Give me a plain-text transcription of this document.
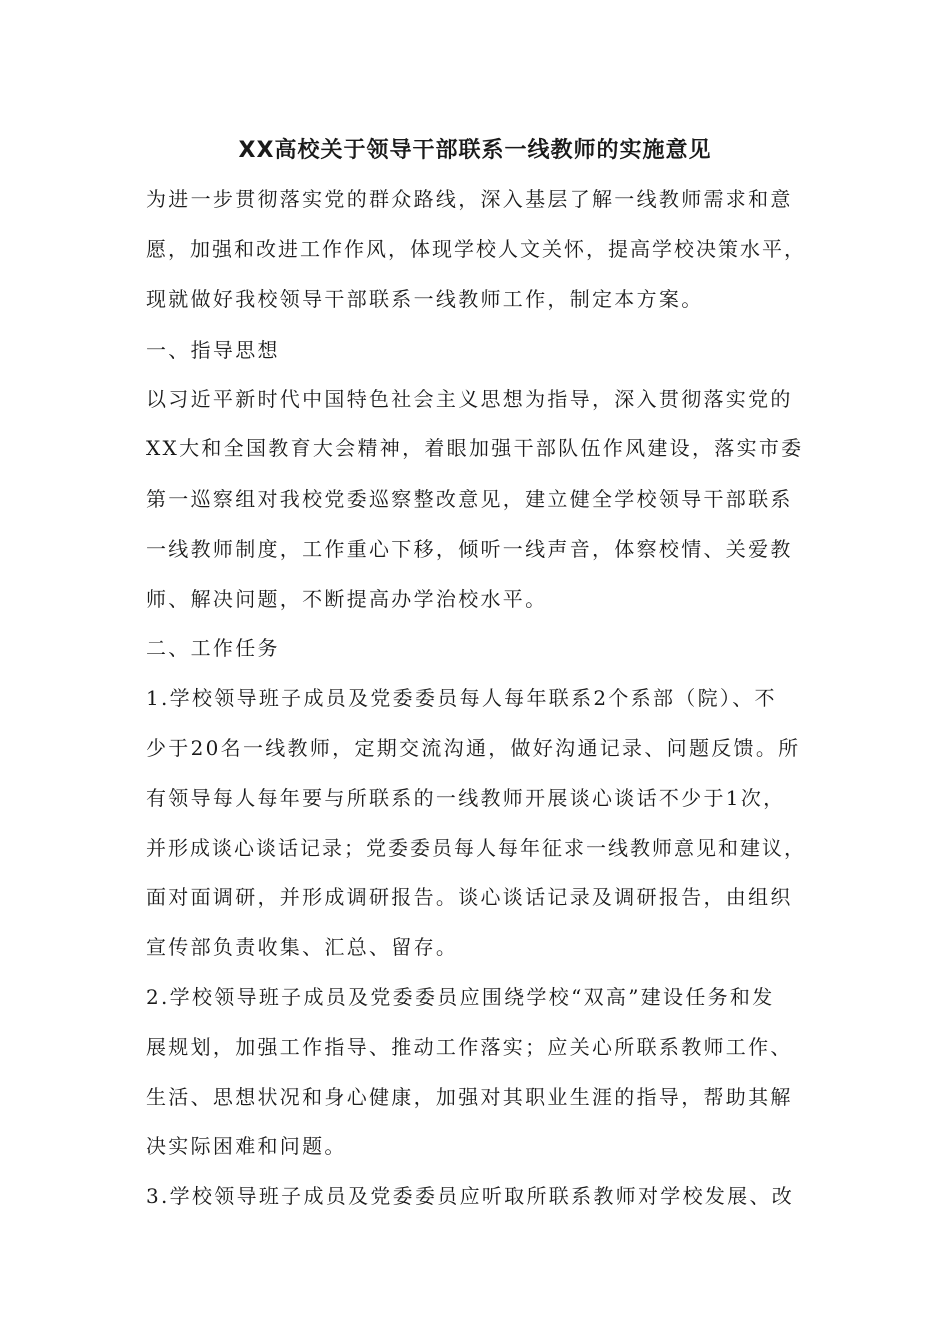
XX高校关于领导干部联系一线教师的实施意见
为进一步贯彻落实党的群众路线，深入基层了解一线教师需求和意
愿，加强和改进工作作风，体现学校人文关怀，提高学校决策水平，
现就做好我校领导干部联系一线教师工作，制定本方案。
一、指导思想
以习近平新时代中国特色社会主义思想为指导，深入贯彻落实党的
XX大和全国教育大会精神，着眼加强干部队伍作风建设，落实市委
第一巡察组对我校党委巡察整改意见，建立健全学校领导干部联系
一线教师制度，工作重心下移，倾听一线声音，体察校情、关爱教
师、解决问题，不断提高办学治校水平。
二、工作任务
1.学校领导班子成员及党委委员每人每年联系2个系部（院）、不
少于20名一线教师，定期交流沟通，做好沟通记录、问题反馈。所
有领导每人每年要与所联系的一线教师开展谈心谈话不少于1次，
并形成谈心谈话记录；党委委员每人每年征求一线教师意见和建议，
面对面调研，并形成调研报告。谈心谈话记录及调研报告，由组织
宣传部负责收集、汇总、留存。
2.学校领导班子成员及党委委员应围绕学校“双高”建设任务和发
展规划，加强工作指导、推动工作落实；应关心所联系教师工作、
生活、思想状况和身心健康，加强对其职业生涯的指导，帮助其解
决实际困难和问题。
3.学校领导班子成员及党委委员应听取所联系教师对学校发展、改
